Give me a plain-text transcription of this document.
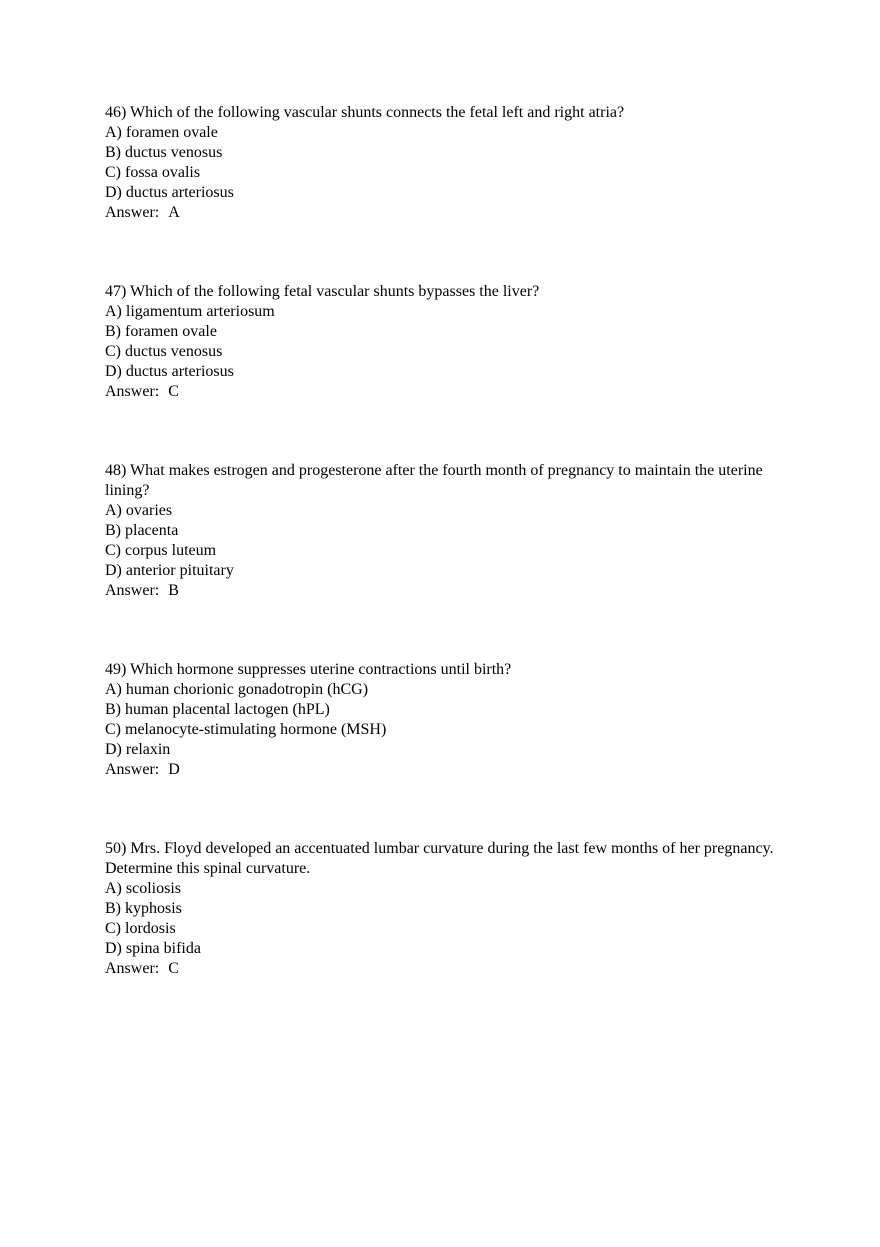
46) Which of the following vascular shunts connects the fetal left and right atria?
A) foramen ovale
B) ductus venosus
C) fossa ovalis
D) ductus arteriosus
Answer: A
47) Which of the following fetal vascular shunts bypasses the liver?
A) ligamentum arteriosum
B) foramen ovale
C) ductus venosus
D) ductus arteriosus
Answer: C
48) What makes estrogen and progesterone after the fourth month of pregnancy to maintain the uterine lining?
A) ovaries
B) placenta
C) corpus luteum
D) anterior pituitary
Answer: B
49) Which hormone suppresses uterine contractions until birth?
A) human chorionic gonadotropin (hCG)
B) human placental lactogen (hPL)
C) melanocyte-stimulating hormone (MSH)
D) relaxin
Answer: D
50) Mrs. Floyd developed an accentuated lumbar curvature during the last few months of her pregnancy. Determine this spinal curvature.
A) scoliosis
B) kyphosis
C) lordosis
D) spina bifida
Answer: C
